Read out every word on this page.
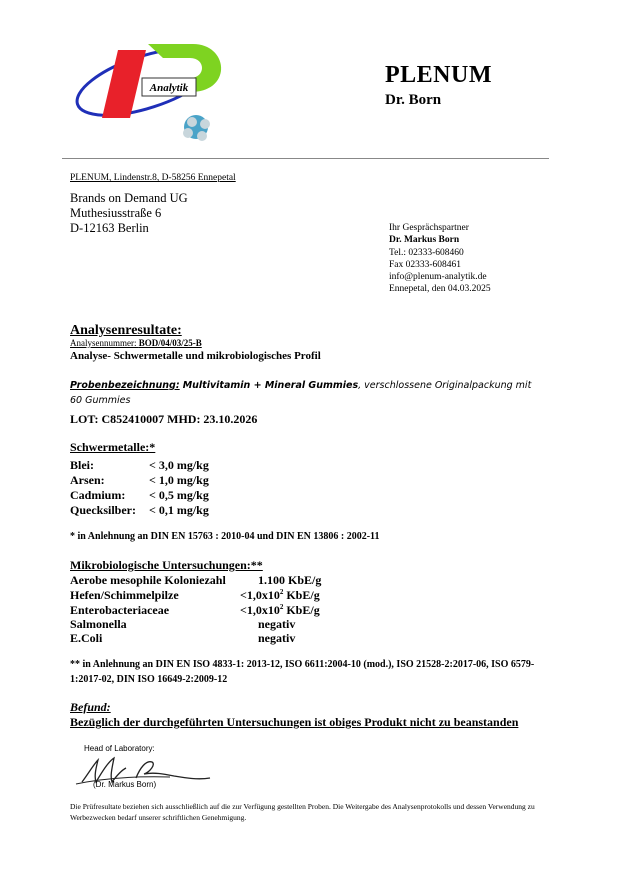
Analytik	PLENUM
Dr. Born
PLENUM, Lindenstr.8, D-58256 Ennepetal
Brands on Demand UG
Muthesiusstraße 6
D-12163 Berlin	Ihr Gesprächspartner
Dr. Markus Born
Tel.: 02333-608460
Fax 02333-608461
info@plenum-analytik.de
Ennepetal, den 04.03.2025
Analysenresultate:
Analysennummer: BOD/04/03/25-B
Analyse- Schwermetalle und mikrobiologisches Profil
Probenbezeichnung: Multivitamin + Mineral Gummies, verschlossene Originalpackung mit
60 Gummies
LOT: C852410007 MHD: 23.10.2026
Schwermetalle:*
Blei:	< 3,0 mg/kg
Arsen:	< 1,0 mg/kg
Cadmium: < 0,5 mg/kg
Quecksilber: < 0,1 mg/kg
* in Anlehnung an DIN EN 15763 : 2010-04 und DIN EN 13806 : 2002-11
Mikrobiologische Untersuchungen:**
Aerobe mesophile Koloniezahl	1.100 KbE/g
Hefen/Schimmelpilze	$<1,0x10^2$ KbE/g
Enterobacteriaceae	$<1,0x10^2$ KbE/g
Salmonella	negativ
E.Coli	negativ
** in Anlehnung an DIN EN ISO 4833-1: 2013-12, ISO 6611:2004-10 (mod.), ISO 21528-2:2017-06, ISO 6579-1:2017-02, DIN ISO 16649-2:2009-12
Befund:
Bezüglich der durchgeführten Untersuchungen ist obiges Produkt nicht zu beanstanden
Head of Laboratory:
(Dr. Markus Born)
Die Prüfresultate beziehen sich ausschließlich auf die zur Verfügung gestellten Proben. Die Weitergabe des Analysenprotokolls und dessen Verwendung zu Werbezwecken bedarf unserer schriftlichen Genehmigung.
